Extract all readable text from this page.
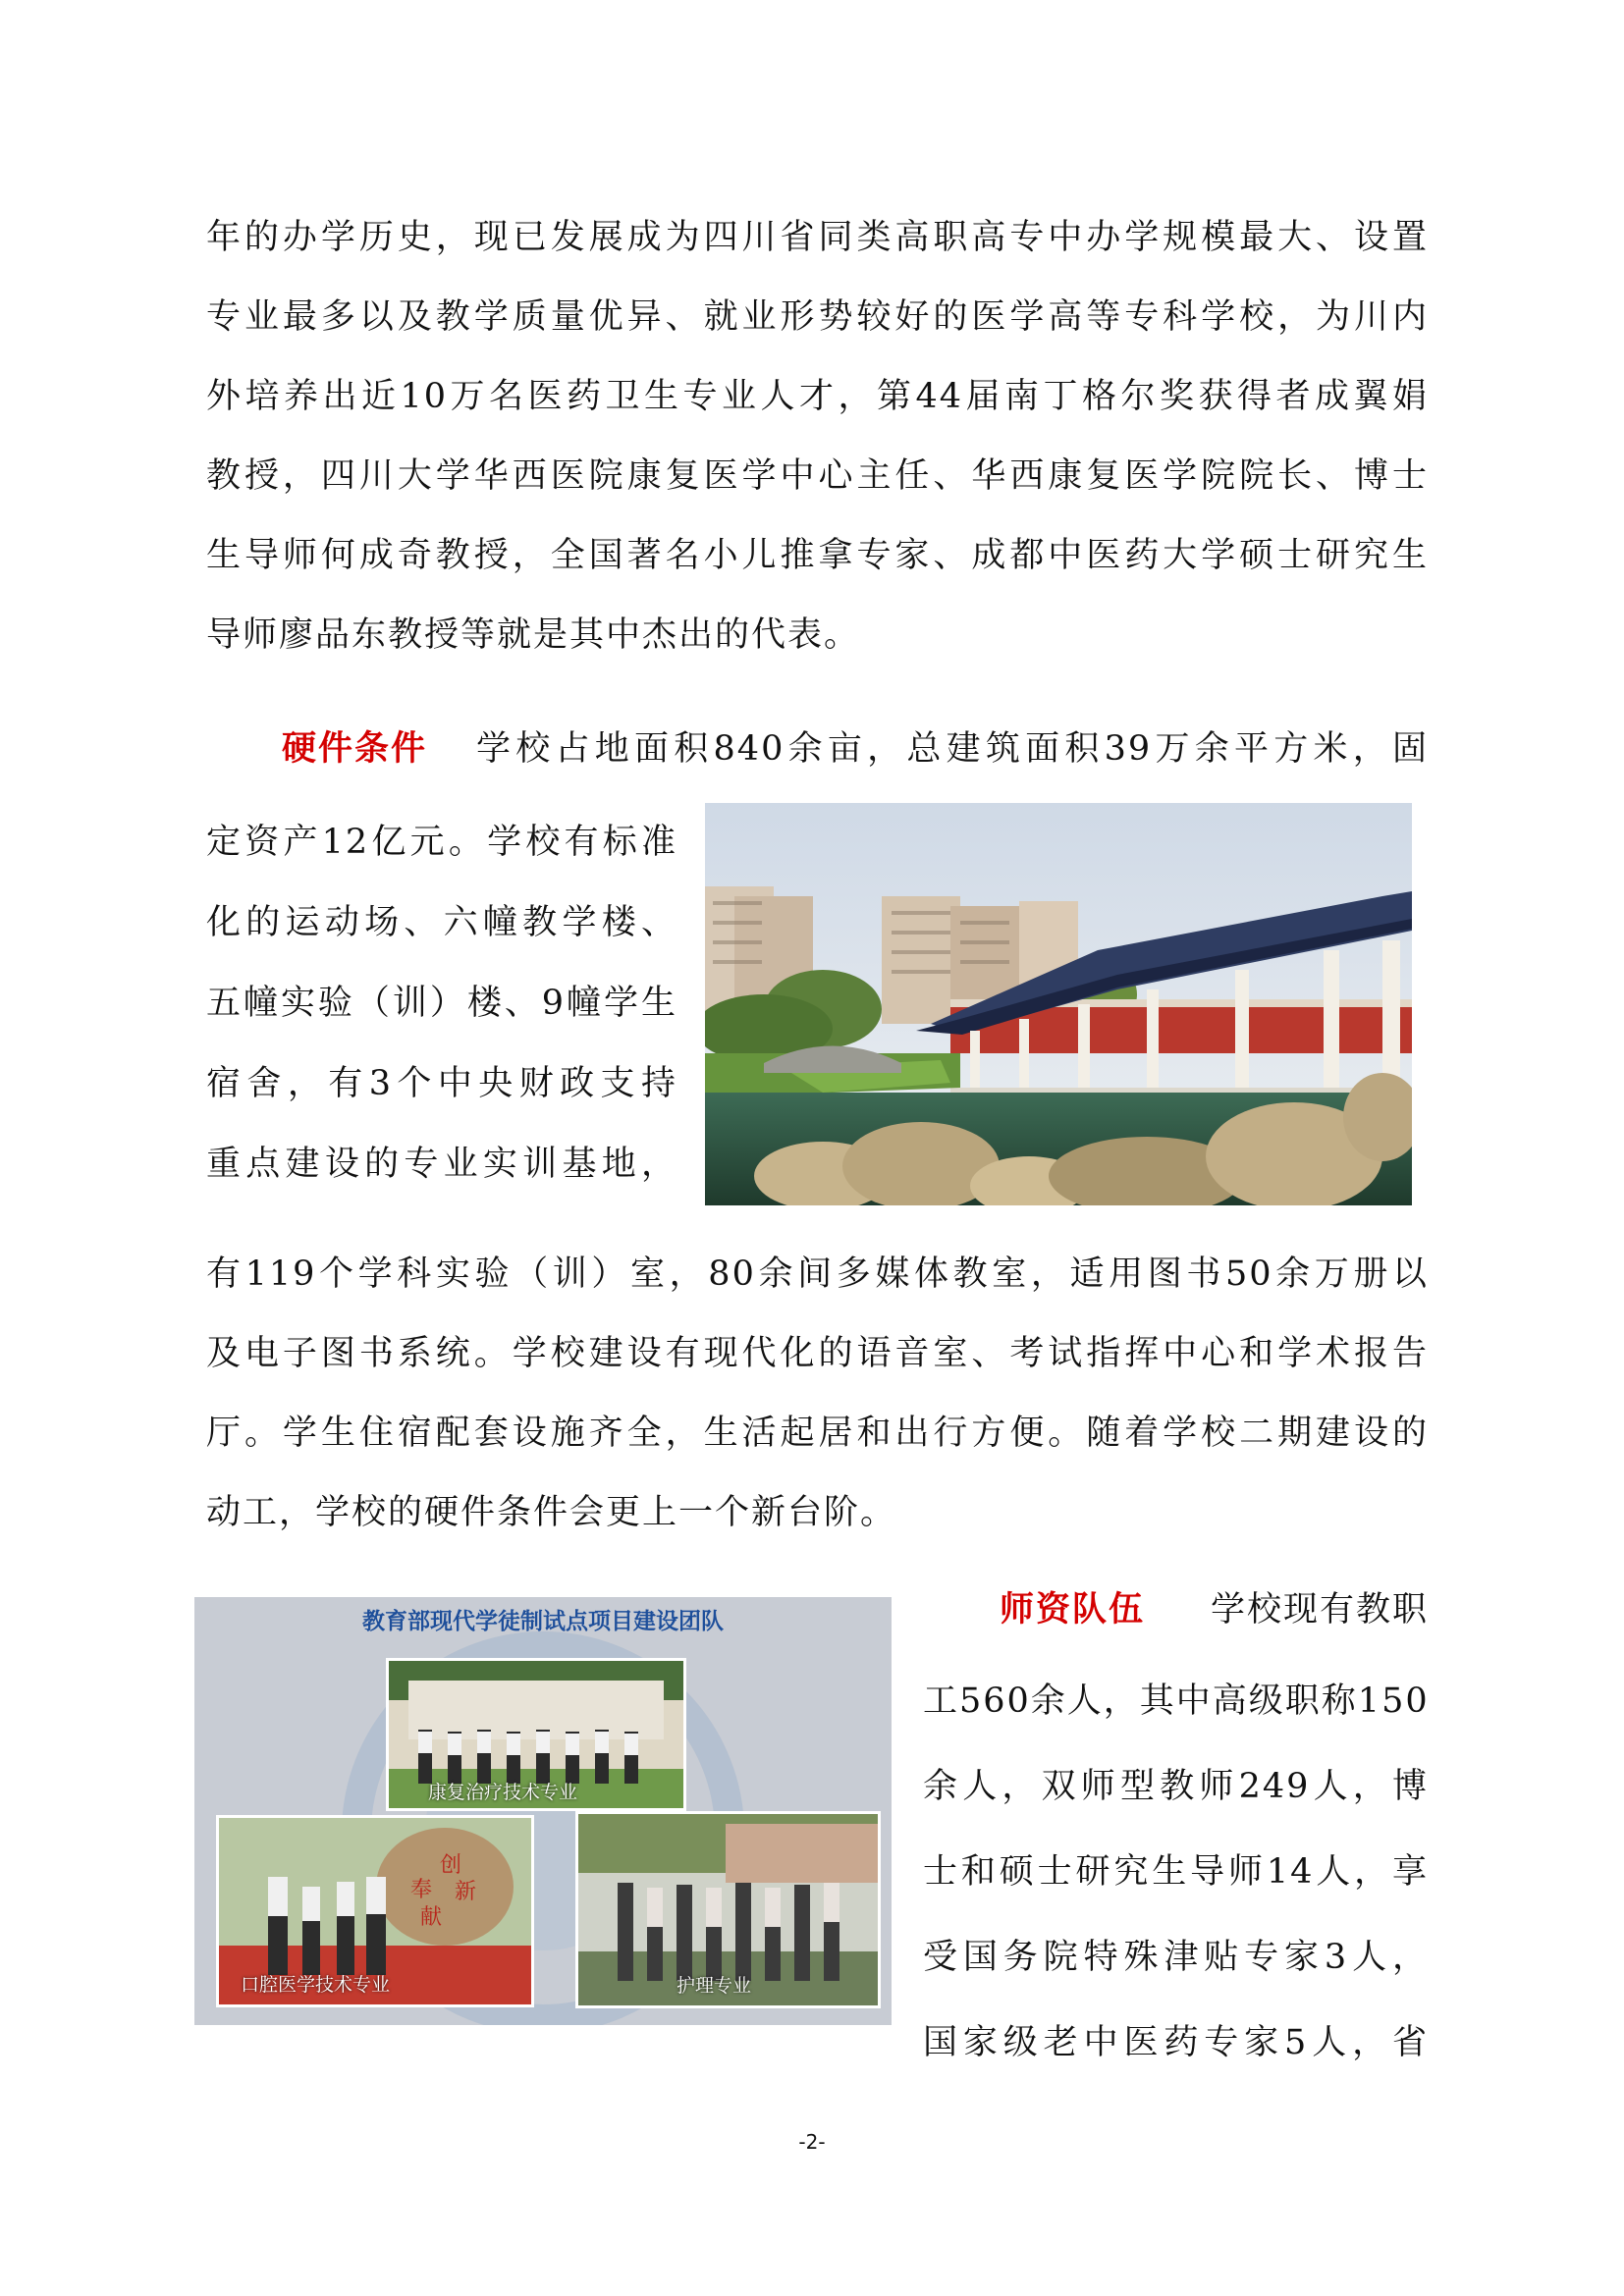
年的办学历史，现已发展成为四川省同类高职高专中办学规模最大、设置
专业最多以及教学质量优异、就业形势较好的医学高等专科学校，为川内
外培养出近10万名医药卫生专业人才，第44届南丁格尔奖获得者成翼娟
教授，四川大学华西医院康复医学中心主任、华西康复医学院院长、博士
生导师何成奇教授，全国著名小儿推拿专家、成都中医药大学硕士研究生
导师廖品东教授等就是其中杰出的代表。
硬件条件 学校占地面积840余亩，总建筑面积39万余平方米，固
定资产12亿元。学校有标准
化的运动场、六幢教学楼、
五幢实验（训）楼、9幢学生
宿舍，有3个中央财政支持
重点建设的专业实训基地，
有119个学科实验（训）室，80余间多媒体教室，适用图书50余万册以
及电子图书系统。学校建设有现代化的语音室、考试指挥中心和学术报告
厅。学生住宿配套设施齐全，生活起居和出行方便。随着学校二期建设的
动工，学校的硬件条件会更上一个新台阶。
教育部现代学徒制试点项目建设团队
康复治疗技术专业
创
新
奉
献
口腔医学技术专业	护理专业
师资队伍 学校现有教职
工560余人，其中高级职称150
余人，双师型教师249人，博
士和硕士研究生导师14人，享
受国务院特殊津贴专家3人，
国家级老中医药专家5人，省
-2-
